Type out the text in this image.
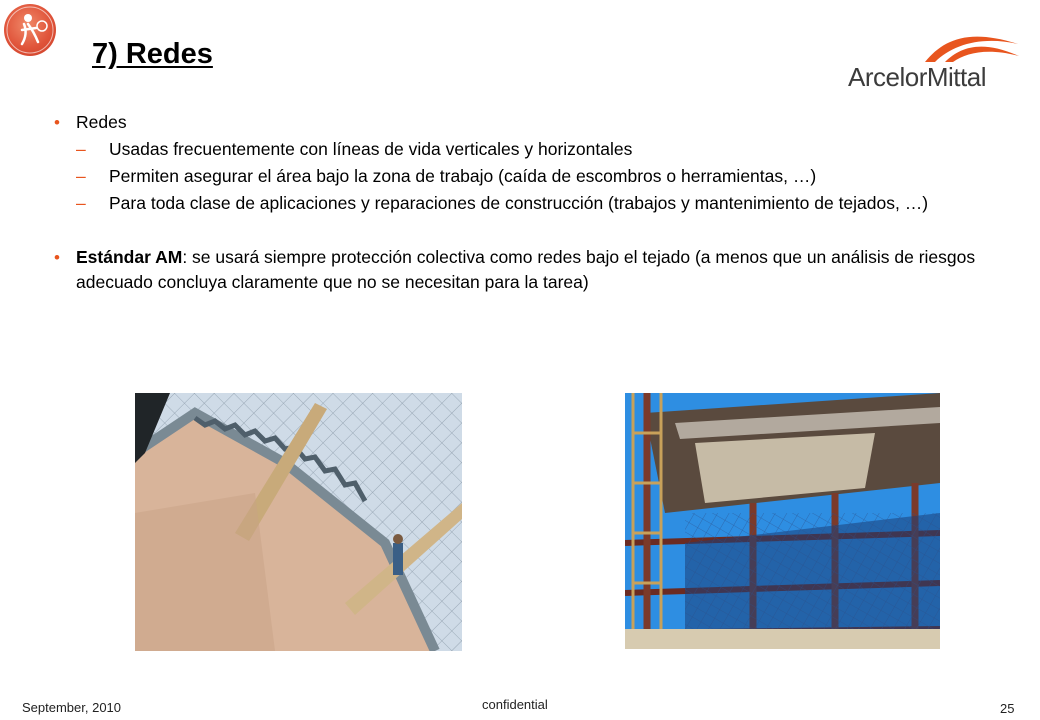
7) Redes
ArcelorMittal
• Redes
– Usadas frecuentemente con líneas de vida verticales y horizontales
– Permiten asegurar el área bajo la zona de trabajo (caída de escombros o herramientas, …)
– Para toda clase de aplicaciones y reparaciones de construcción (trabajos y mantenimiento de tejados, …)
• Estándar AM: se usará siempre protección colectiva como redes bajo el tejado (a menos que un análisis de riesgos adecuado concluya claramente que no se necesitan para la tarea)
September, 2010	confidential	25
